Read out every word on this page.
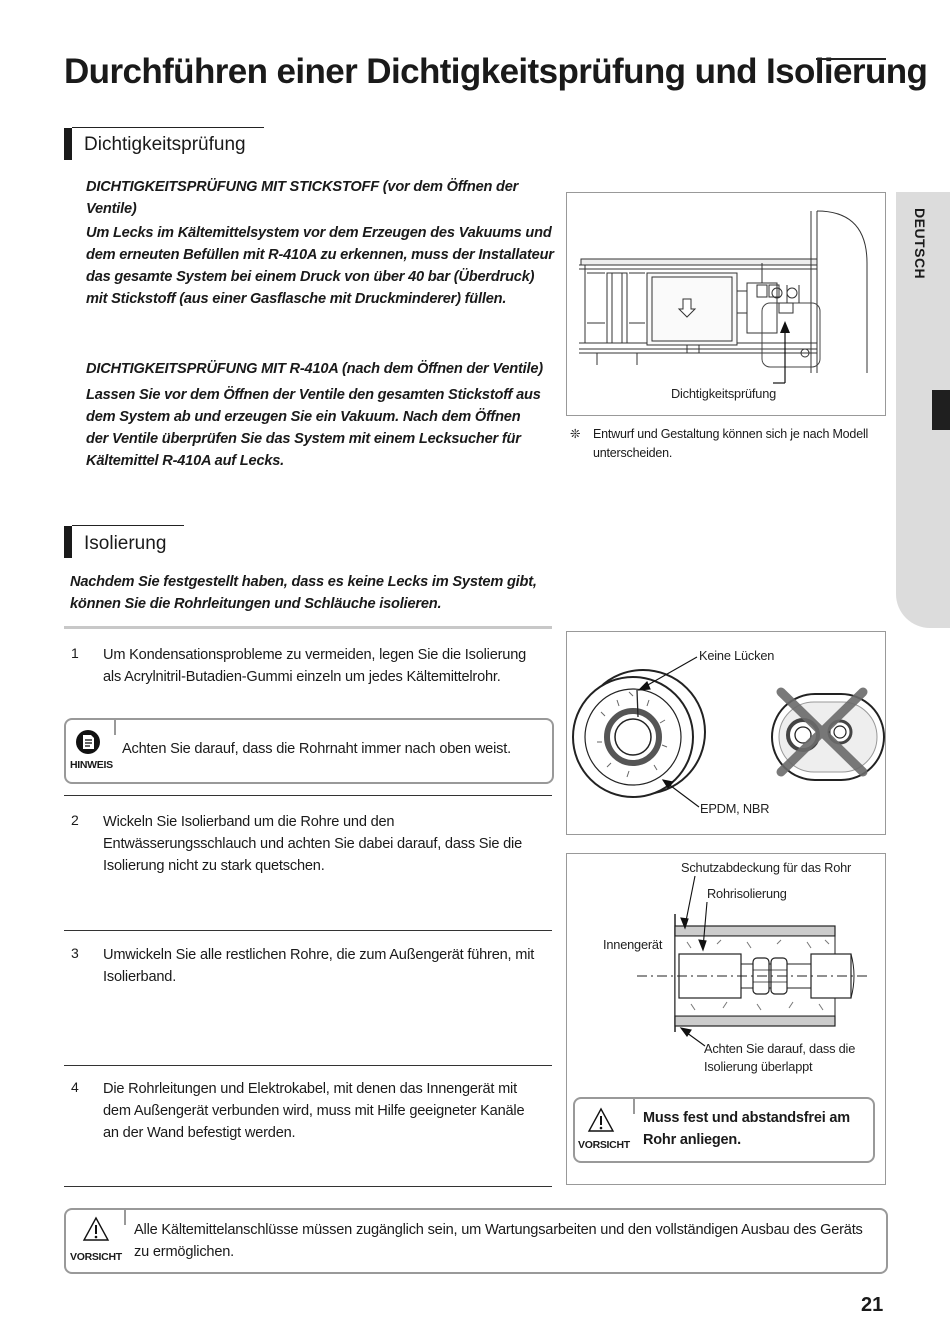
Durchführen einer Dichtigkeitsprüfung und Isolierung
DEUTSCH
Dichtigkeitsprüfung
DICHTIGKEITSPRÜFUNG MIT STICKSTOFF (vor dem Öffnen der Ventile)
Um Lecks im Kältemittelsystem vor dem Erzeugen des Vakuums und dem erneuten Befüllen mit R-410A zu erkennen, muss der Installateur das gesamte System bei einem Druck von über 40 bar (Überdruck) mit Stickstoff (aus einer Gasflasche mit Druckminderer) füllen.
DICHTIGKEITSPRÜFUNG MIT R-410A (nach dem Öffnen der Ventile)
Lassen Sie vor dem Öffnen der Ventile den gesamten Stickstoff aus dem System ab und erzeugen Sie ein Vakuum. Nach dem Öffnen der Ventile überprüfen Sie das System mit einem Lecksucher für Kältemittel R-410A auf Lecks.
Dichtigkeitsprüfung
❊ Entwurf und Gestaltung können sich je nach Modell unterscheiden.
Isolierung
Nachdem Sie festgestellt haben, dass es keine Lecks im System gibt, können Sie die Rohrleitungen und Schläuche isolieren.
1 Um Kondensationsprobleme zu vermeiden, legen Sie die Isolierung als Acrylnitril-Butadien-Gummi einzeln um jedes Kältemittelrohr.
HINWEIS
Achten Sie darauf, dass die Rohrnaht immer nach oben weist.
2 Wickeln Sie Isolierband um die Rohre und den Entwässerungsschlauch und achten Sie dabei darauf, dass Sie die Isolierung nicht zu stark quetschen.
3 Umwickeln Sie alle restlichen Rohre, die zum Außengerät führen, mit Isolierband.
4 Die Rohrleitungen und Elektrokabel, mit denen das Innengerät mit dem Außengerät verbunden wird, muss mit Hilfe geeigneter Kanäle an der Wand befestigt werden.
Keine Lücken
EPDM, NBR
Schutzabdeckung für das Rohr
Rohrisolierung
Innengerät
Achten Sie darauf, dass die Isolierung überlappt
VORSICHT
Muss fest und abstandsfrei am Rohr anliegen.
VORSICHT
Alle Kältemittelanschlüsse müssen zugänglich sein, um Wartungsarbeiten und den vollständigen Ausbau des Geräts zu ermöglichen.
21
